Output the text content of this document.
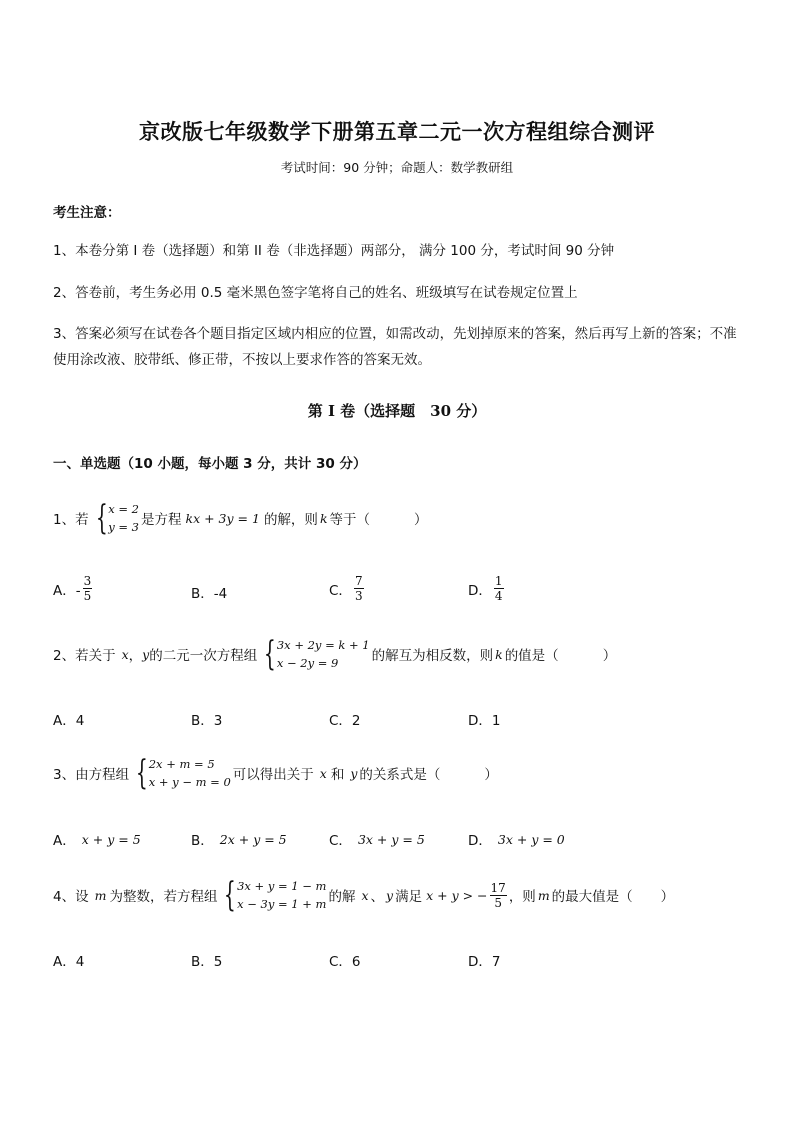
京改版七年级数学下册第五章二元一次方程组综合测评
考试时间：90 分钟；命题人：数学教研组
考生注意：
1、本卷分第 I 卷（选择题）和第 II 卷（非选择题）两部分， 满分 100 分，考试时间 90 分钟
2、答卷前，考生务必用 0.5 毫米黑色签字笔将自己的姓名、班级填写在试卷规定位置上
3、答案必须写在试卷各个题目指定区域内相应的位置，如需改动，先划掉原来的答案，然后再写上新的答案；不准使用涂改液、胶带纸、修正带，不按以上要求作答的答案无效。
第 I 卷（选择题　30 分）
一、单选题（10 小题，每小题 3 分，共计 30 分）
1、若 { x = 2
y = 3 是方程 kx + 3y = 1 的解，则 k 等于（	）
A．- $\frac{3}{5}$	B．-4	C． $\frac{7}{3}$	D． $\frac{1}{4}$
2、若关于 x ， y 的二元一次方程组 { 3x + 2y = k + 1
x − 2y = 9	的解互为相反数，则 k 的值是（	）
A．4	B．3	C．2	D．1
3、由方程组 { 2x + m = 5
x + y − m = 0 可以得出关于 x 和 y 的关系式是（	）
A． x + y = 5	B． 2x + y = 5	C． 3x + y = 5	D． 3x + y = 0
4、设 m 为整数，若方程组 { 3x + y = 1 − m
x − 3y = 1 + m 的解 x 、 y 满足 x + y > − $\frac{17}{5}$ ，则 m 的最大值是（ ）
A．4	B．5	C．6	D．7
